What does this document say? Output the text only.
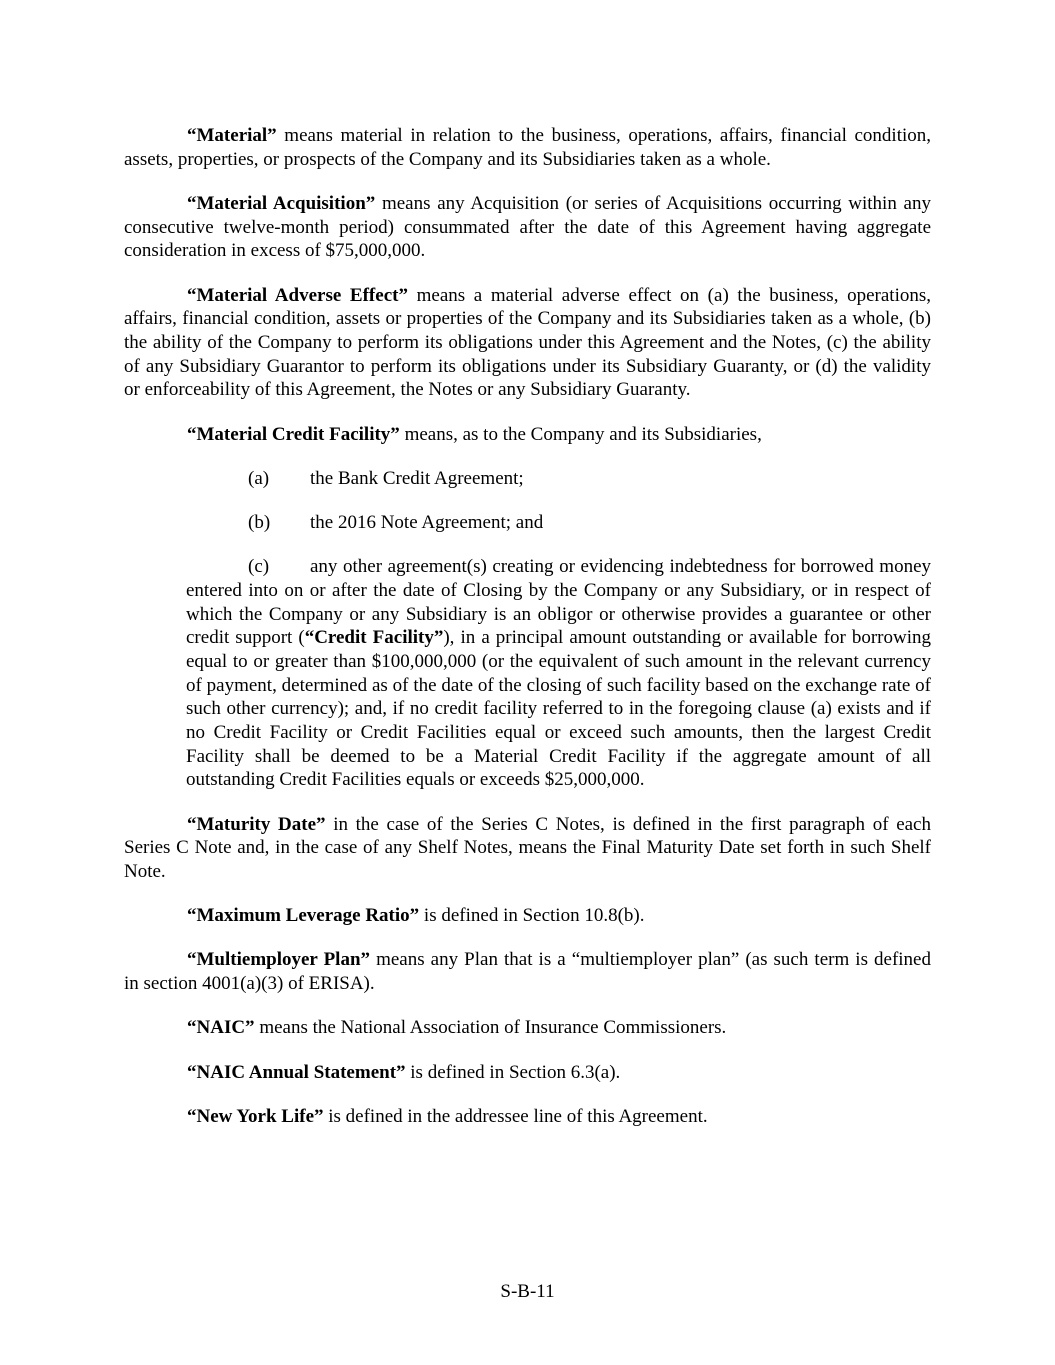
“Material” means material in relation to the business, operations, affairs, financial condition, assets, properties, or prospects of the Company and its Subsidiaries taken as a whole.

“Material Acquisition” means any Acquisition (or series of Acquisitions occurring within any consecutive twelve-month period) consummated after the date of this Agreement having aggregate consideration in excess of $75,000,000.

“Material Adverse Effect” means a material adverse effect on (a) the business, operations, affairs, financial condition, assets or properties of the Company and its Subsidiaries taken as a whole, (b) the ability of the Company to perform its obligations under this Agreement and the Notes, (c) the ability of any Subsidiary Guarantor to perform its obligations under its Subsidiary Guaranty, or (d) the validity or enforceability of this Agreement, the Notes or any Subsidiary Guaranty.

“Material Credit Facility” means, as to the Company and its Subsidiaries,

(a)	the Bank Credit Agreement;
(b)	the 2016 Note Agreement; and

(c) any other agreement(s) creating or evidencing indebtedness for borrowed money entered into on or after the date of Closing by the Company or any Subsidiary, or in respect of which the Company or any Subsidiary is an obligor or otherwise provides a guarantee or other credit support (“Credit Facility”), in a principal amount outstanding or available for borrowing equal to or greater than $100,000,000 (or the equivalent of such amount in the relevant currency of payment, determined as of the date of the closing of such facility based on the exchange rate of such other currency); and, if no credit facility referred to in the foregoing clause (a) exists and if no Credit Facility or Credit Facilities equal or exceed such amounts, then the largest Credit Facility shall be deemed to be a Material Credit Facility if the aggregate amount of all outstanding Credit Facilities equals or exceeds $25,000,000.

“Maturity Date” in the case of the Series C Notes, is defined in the first paragraph of each Series C Note and, in the case of any Shelf Notes, means the Final Maturity Date set forth in such Shelf Note.

“Maximum Leverage Ratio” is defined in Section 10.8(b).

“Multiemployer Plan” means any Plan that is a “multiemployer plan” (as such term is defined in section 4001(a)(3) of ERISA).

“NAIC” means the National Association of Insurance Commissioners.

“NAIC Annual Statement” is defined in Section 6.3(a).

“New York Life” is defined in the addressee line of this Agreement.

S-B-11
